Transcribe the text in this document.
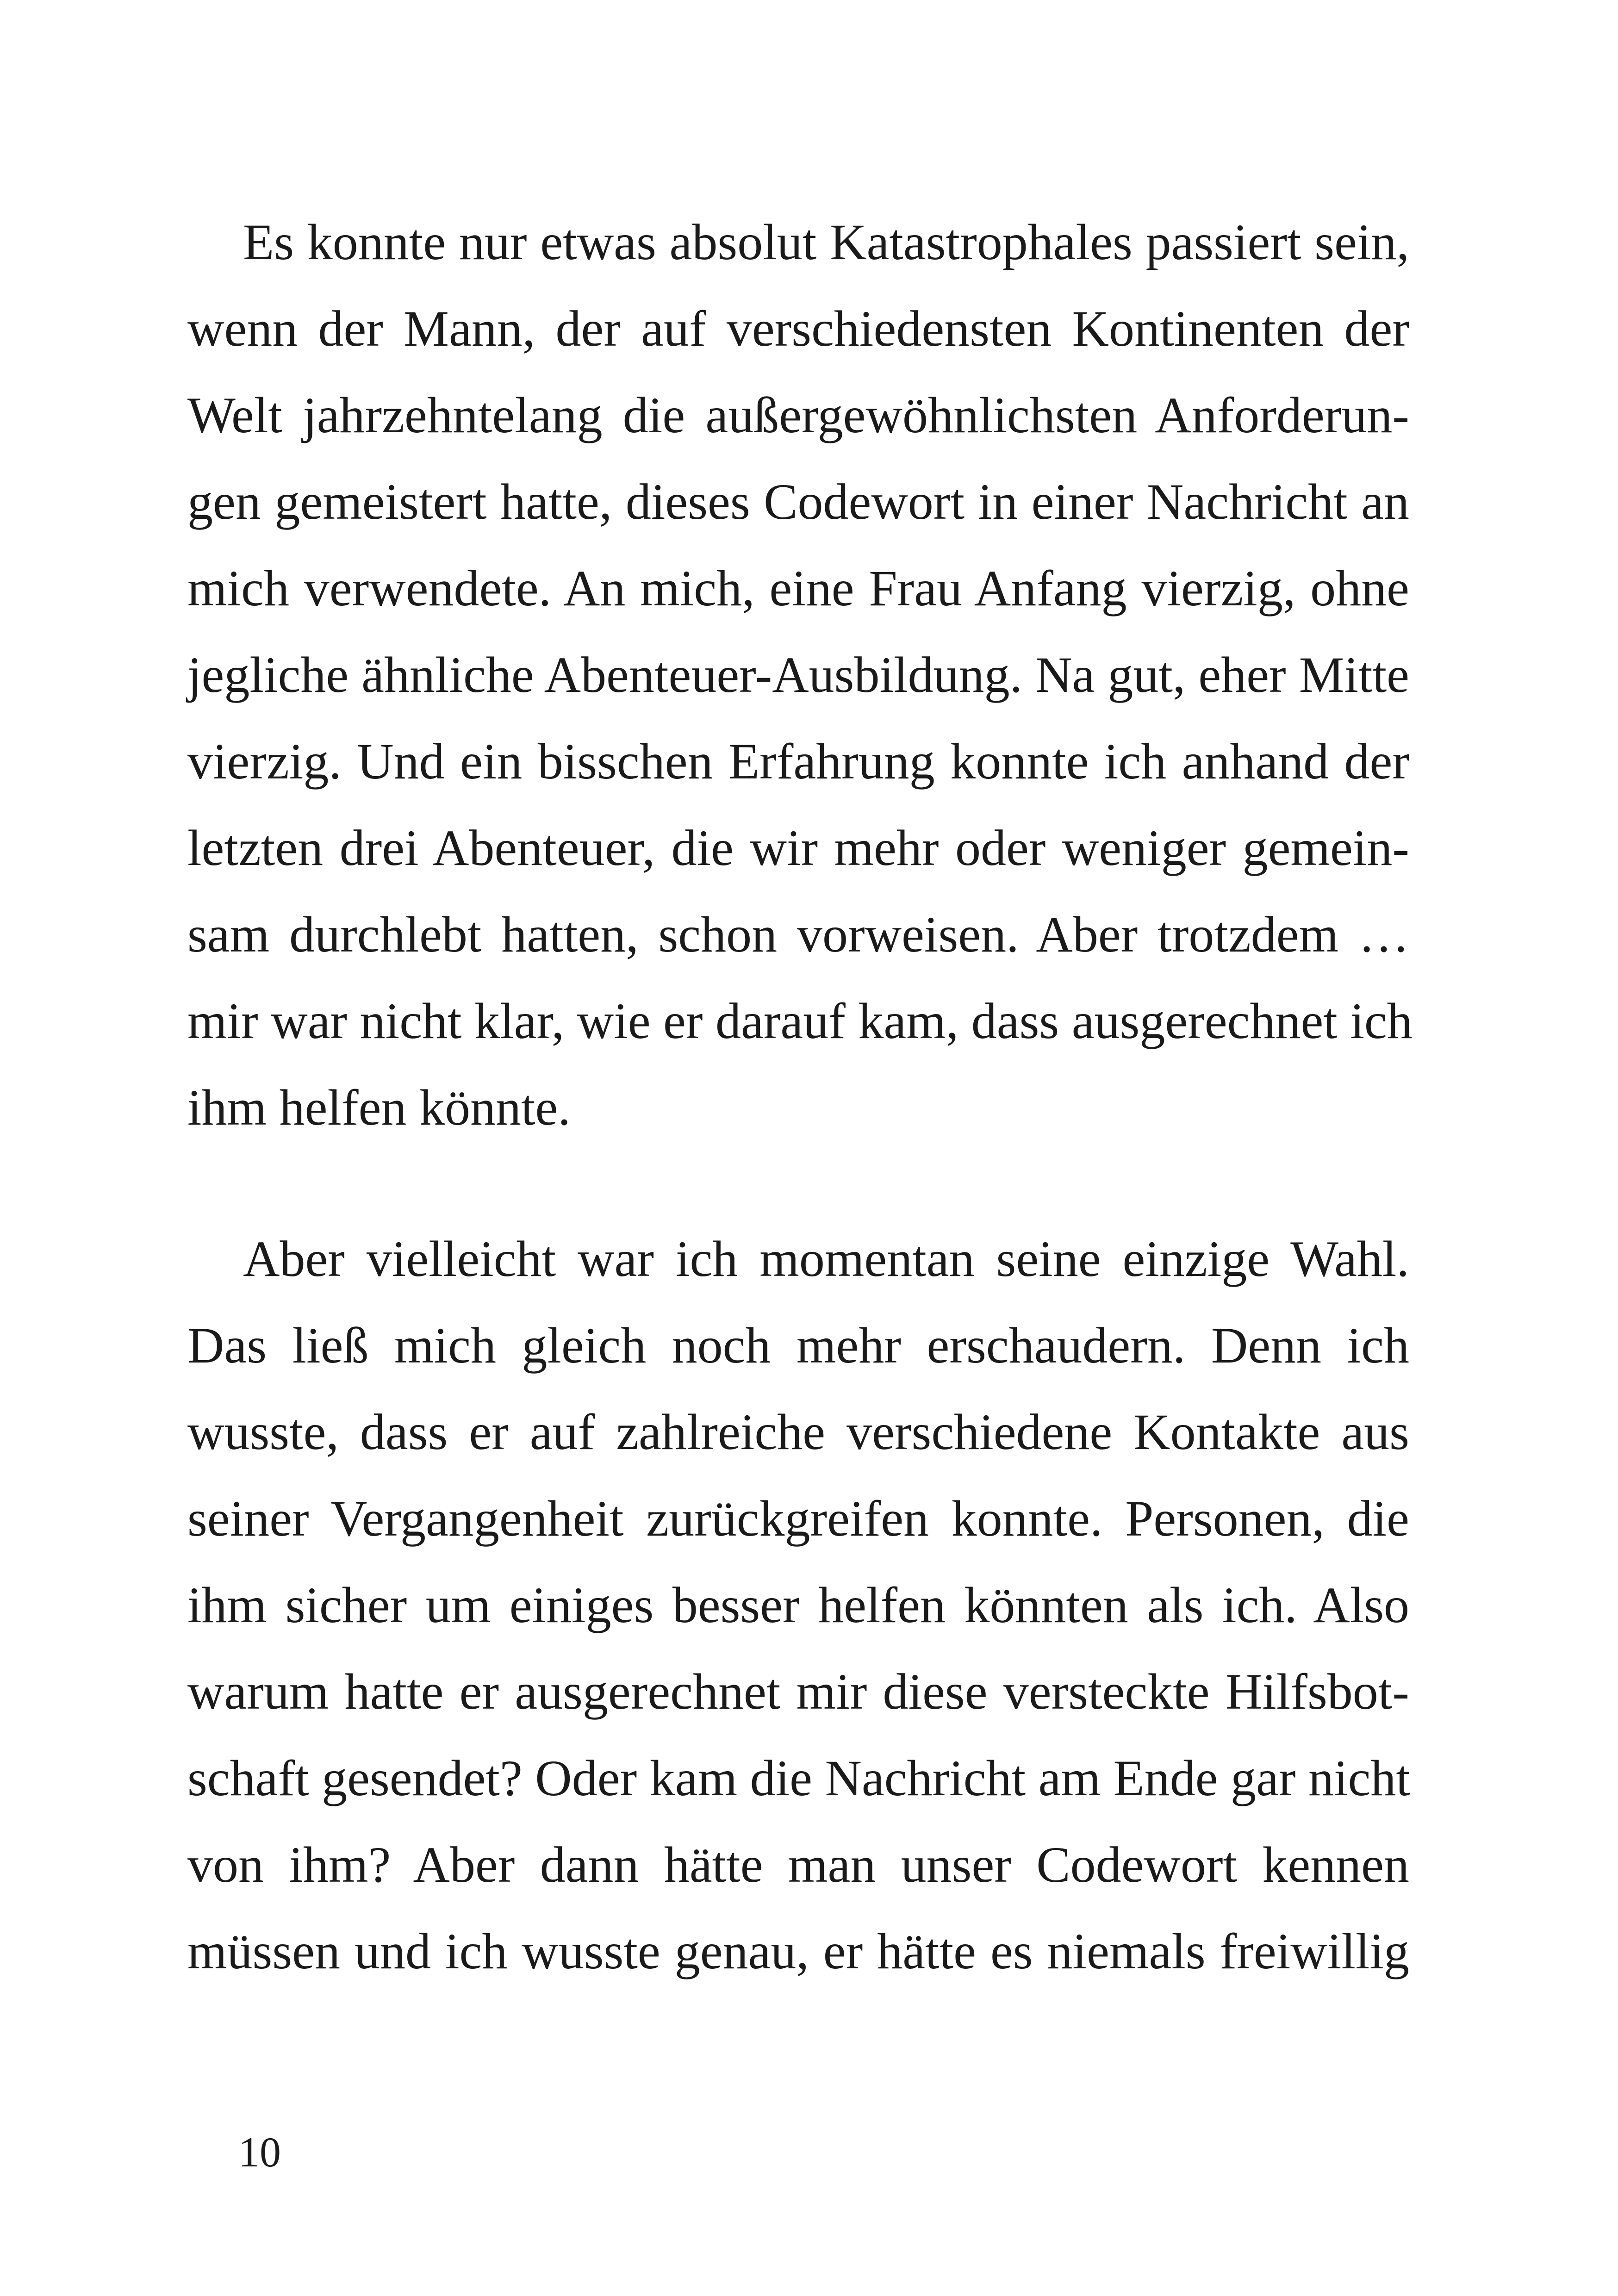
Es konnte nur etwas absolut Katastrophales passiert sein,
wenn der Mann, der auf verschiedensten Kontinenten der
Welt jahrzehntelang die außergewöhnlichsten Anforderun-
gen gemeistert hatte, dieses Codewort in einer Nachricht an
mich verwendete. An mich, eine Frau Anfang vierzig, ohne
jegliche ähnliche Abenteuer-Ausbildung. Na gut, eher Mitte
vierzig. Und ein bisschen Erfahrung konnte ich anhand der
letzten drei Abenteuer, die wir mehr oder weniger gemein-
sam durchlebt hatten, schon vorweisen. Aber trotzdem …
mir war nicht klar, wie er darauf kam, dass ausgerechnet ich
ihm helfen könnte.
Aber vielleicht war ich momentan seine einzige Wahl.
Das ließ mich gleich noch mehr erschaudern. Denn ich
wusste, dass er auf zahlreiche verschiedene Kontakte aus
seiner Vergangenheit zurückgreifen konnte. Personen, die
ihm sicher um einiges besser helfen könnten als ich. Also
warum hatte er ausgerechnet mir diese versteckte Hilfsbot-
schaft gesendet? Oder kam die Nachricht am Ende gar nicht
von ihm? Aber dann hätte man unser Codewort kennen
müssen und ich wusste genau, er hätte es niemals freiwillig
10
